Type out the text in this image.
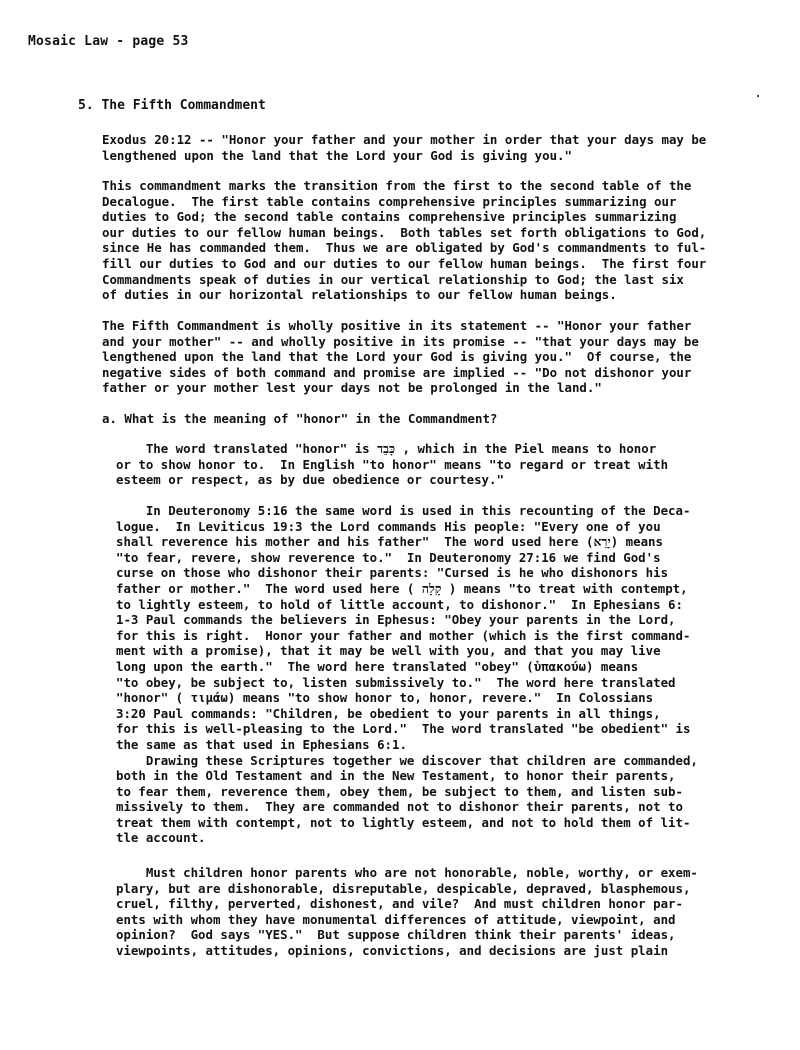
Mosaic Law - page 53
5. The Fifth Commandment
Exodus 20:12 -- "Honor your father and your mother in order that your days may be
lengthened upon the land that the Lord your God is giving you."
This commandment marks the transition from the first to the second table of the
Decalogue.  The first table contains comprehensive principles summarizing our
duties to God; the second table contains comprehensive principles summarizing
our duties to our fellow human beings.  Both tables set forth obligations to God,
since He has commanded them.  Thus we are obligated by God's commandments to ful-
fill our duties to God and our duties to our fellow human beings.  The first four
Commandments speak of duties in our vertical relationship to God; the last six
of duties in our horizontal relationships to our fellow human beings.
The Fifth Commandment is wholly positive in its statement -- "Honor your father
and your mother" -- and wholly positive in its promise -- "that your days may be
lengthened upon the land that the Lord your God is giving you."  Of course, the
negative sides of both command and promise are implied -- "Do not dishonor your
father or your mother lest your days not be prolonged in the land."
a. What is the meaning of "honor" in the Commandment?
The word translated "honor" is כָּבֵד , which in the Piel means to honor
or to show honor to.  In English "to honor" means "to regard or treat with
esteem or respect, as by due obedience or courtesy."
In Deuteronomy 5:16 the same word is used in this recounting of the Deca-
logue.  In Leviticus 19:3 the Lord commands His people: "Every one of you
shall reverence his mother and his father"  The word used here (יָרֵא) means
"to fear, revere, show reverence to."  In Deuteronomy 27:16 we find God's
curse on those who dishonor their parents: "Cursed is he who dishonors his
father or mother."  The word used here ( קָלָה ) means "to treat with contempt,
to lightly esteem, to hold of little account, to dishonor."  In Ephesians 6:
1-3 Paul commands the believers in Ephesus: "Obey your parents in the Lord,
for this is right.  Honor your father and mother (which is the first command-
ment with a promise), that it may be well with you, and that you may live
long upon the earth."  The word here translated "obey" (ὑπακούω) means
"to obey, be subject to, listen submissively to."  The word here translated
"honor" ( τιμάω) means "to show honor to, honor, revere."  In Colossians
3:20 Paul commands: "Children, be obedient to your parents in all things,
for this is well-pleasing to the Lord."  The word translated "be obedient" is
the same as that used in Ephesians 6:1.
Drawing these Scriptures together we discover that children are commanded,
both in the Old Testament and in the New Testament, to honor their parents,
to fear them, reverence them, obey them, be subject to them, and listen sub-
missively to them.  They are commanded not to dishonor their parents, not to
treat them with contempt, not to lightly esteem, and not to hold them of lit-
tle account.
Must children honor parents who are not honorable, noble, worthy, or exem-
plary, but are dishonorable, disreputable, despicable, depraved, blasphemous,
cruel, filthy, perverted, dishonest, and vile?  And must children honor par-
ents with whom they have monumental differences of attitude, viewpoint, and
opinion?  God says "YES."  But suppose children think their parents' ideas,
viewpoints, attitudes, opinions, convictions, and decisions are just plain
